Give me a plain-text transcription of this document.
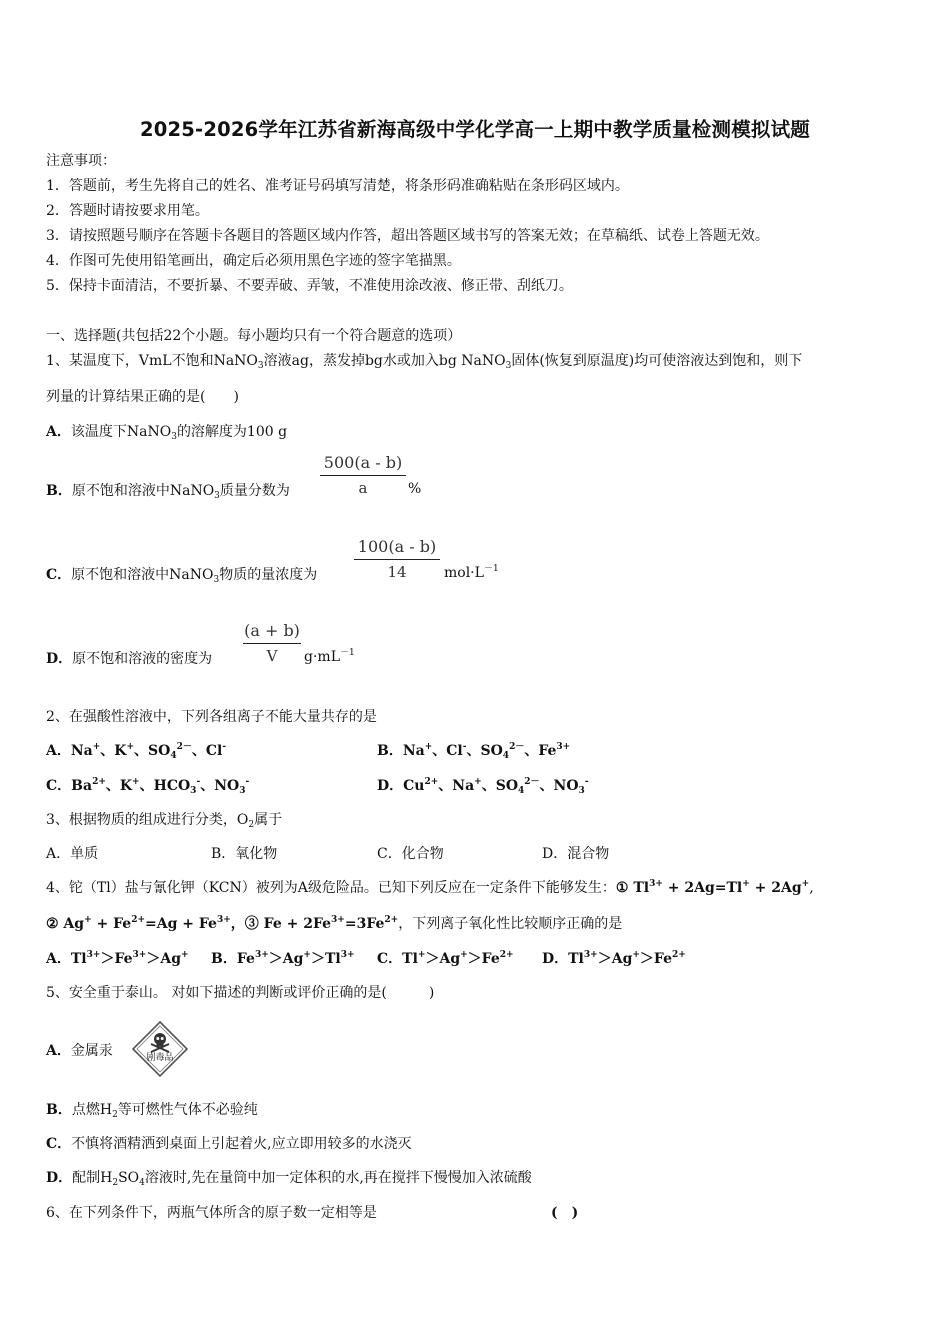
2025-2026学年江苏省新海高级中学化学高一上期中教学质量检测模拟试题
注意事项：
1．答题前，考生先将自己的姓名、准考证号码填写清楚，将条形码准确粘贴在条形码区域内。
2．答题时请按要求用笔。
3．请按照题号顺序在答题卡各题目的答题区域内作答，超出答题区域书写的答案无效；在草稿纸、试卷上答题无效。
4．作图可先使用铅笔画出，确定后必须用黑色字迹的签字笔描黑。
5．保持卡面清洁，不要折暴、不要弄破、弄皱，不准使用涂改液、修正带、刮纸刀。
一、选择题(共包括22个小题。每小题均只有一个符合题意的选项）
1、某温度下，VmL不饱和NaNO$_3$溶液ag，蒸发掉bg水或加入bg NaNO$_3$固体(恢复到原温度)均可使溶液达到饱和，则下
列量的计算结果正确的是(　　)
A．该温度下NaNO$_3$的溶解度为100 g
B．原不饱和溶液中NaNO$_3$质量分数为
500(a - b)
a	%
C．原不饱和溶液中NaNO$_3$物质的量浓度为
100(a - b)
14	$mol\cdot L^{-1}$
D．原不饱和溶液的密度为
(a + b)
V	$g\cdot mL^{-1}$
2、在强酸性溶液中，下列各组离子不能大量共存的是
A．Na+、K+、$SO_4^{2-}$、Cl-	B．Na+、Cl-、$SO_4^{2-}$、$Fe^{3+}$
C．$Ba^{2+}$、K+、$HCO_3^-$、$NO_3^-$	D．$Cu^{2+}$、Na+、$SO_4^{2-}$、$NO_3^-$
3、根据物质的组成进行分类，$O_2$属于
A．单质	B．氧化物	C．化合物	D．混合物
4、铊（Tl）盐与氰化钾（KCN）被列为A级危险品。已知下列反应在一定条件下能够发生：① $Tl^{3+} + 2Ag=Tl^+ + 2Ag^+$,
② $Ag^+ + Fe^{2+}=Ag + Fe^{3+}$，③ $Fe + 2Fe^{3+}=3Fe^{2+}$，下列离子氧化性比较顺序正确的是
A．$Tl^{3+}>Fe^{3+}>Ag^+$ B．$Fe^{3+}>Ag^+>Tl^{3+}$ C．$Tl^+>Ag^+>Fe^{2+}$ D．$Tl^{3+}>Ag^+>Fe^{2+}$
5、安全重于泰山。 对如下描述的判断或评价正确的是(　　　)
A．金属汞	剧毒品
B．点燃$H_2$等可燃性气体不必验纯
C．不慎将酒精洒到桌面上引起着火,应立即用较多的水浇灭
D．配制$H_2SO_4$溶液时,先在量筒中加一定体积的水,再在搅拌下慢慢加入浓硫酸
6、在下列条件下，两瓶气体所含的原子数一定相等是	(　)
